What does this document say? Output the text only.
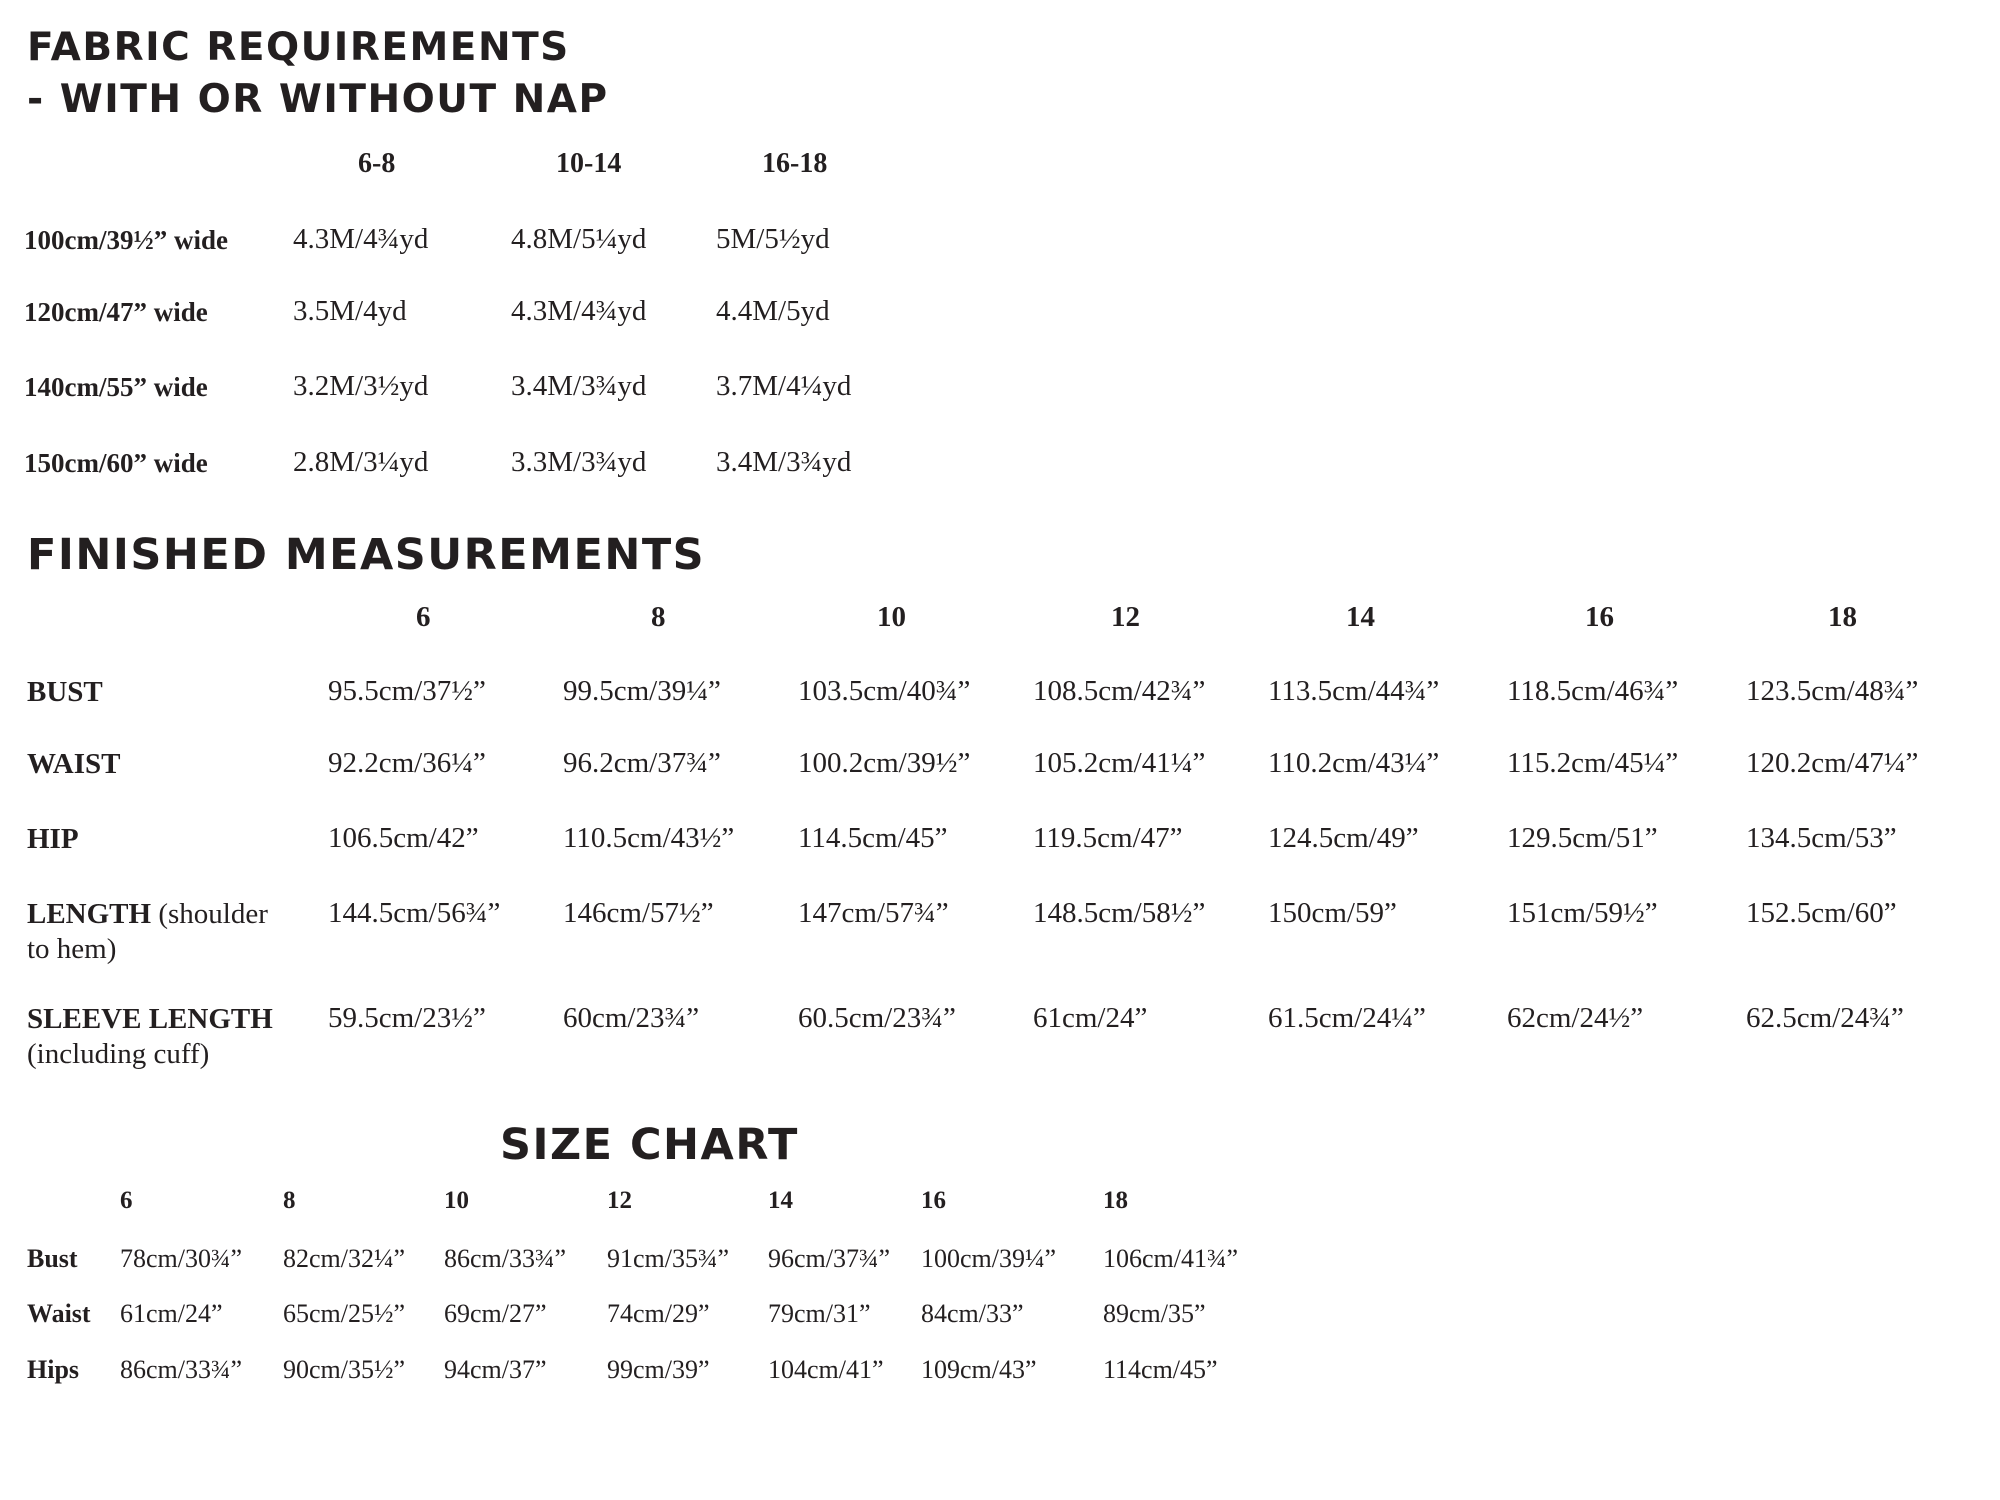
FABRIC REQUIREMENTS
- WITH OR WITHOUT NAP
6-8	10-14	16-18
100cm/39½” wide 4.3M/4¾yd	4.8M/5¼yd 5M/5½yd
120cm/47” wide	3.5M/4yd	4.3M/4¾yd 4.4M/5yd
140cm/55” wide	3.2M/3½yd	3.4M/3¾yd 3.7M/4¼yd
150cm/60” wide	2.8M/3¼yd	3.3M/3¾yd 3.4M/3¾yd
FINISHED MEASUREMENTS
6	8	10	12	14	16	18
BUST	95.5cm/37½”	99.5cm/39¼”	103.5cm/40¾” 108.5cm/42¾” 113.5cm/44¾” 118.5cm/46¾” 123.5cm/48¾”
WAIST	92.2cm/36¼”	96.2cm/37¾”	100.2cm/39½” 105.2cm/41¼” 110.2cm/43¼” 115.2cm/45¼” 120.2cm/47¼”
HIP	106.5cm/42”	110.5cm/43½” 114.5cm/45”	119.5cm/47”	124.5cm/49”	129.5cm/51”	134.5cm/53”
LENGTH (shoulder
to hem)
144.5cm/56¾” 146cm/57½”	147cm/57¾”	148.5cm/58½” 150cm/59”	151cm/59½”	152.5cm/60”
SLEEVE LENGTH
(including cuff)
59.5cm/23½”	60cm/23¾”	60.5cm/23¾”	61cm/24”	61.5cm/24¼”	62cm/24½”	62.5cm/24¾”
SIZE CHART
6	8	10	12	14	16	18
Bust 78cm/30¾” 82cm/32¼” 86cm/33¾” 91cm/35¾” 96cm/37¾” 100cm/39¼” 106cm/41¾”
Waist 61cm/24” 65cm/25½” 69cm/27” 74cm/29” 79cm/31” 84cm/33”	89cm/35”
Hips 86cm/33¾” 90cm/35½” 94cm/37” 99cm/39” 104cm/41” 109cm/43”	114cm/45”
